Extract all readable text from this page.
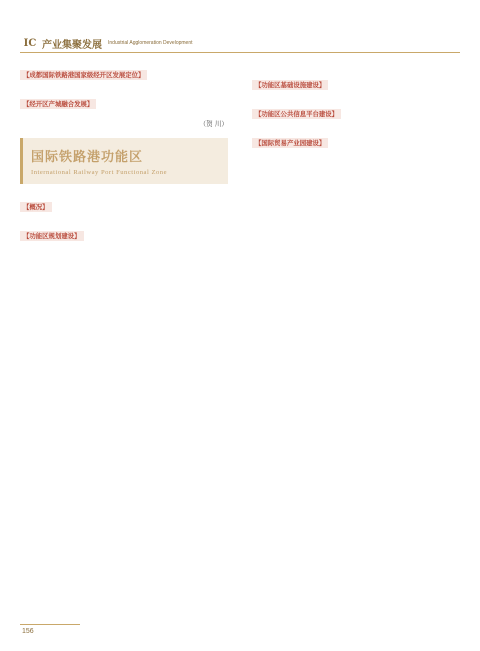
IC 产业集聚发展 Industrial Agglomeration Development
【成都国际铁路港国家级经开区发展定位】

【经开区产城融合发展】

（贺 川）
国际铁路港功能区
International Railway Port Functional Zone
【概况】

【功能区规划建设】

【功能区基础设施建设】

【功能区公共信息平台建设】

【国际贸易产业园建设】

156
